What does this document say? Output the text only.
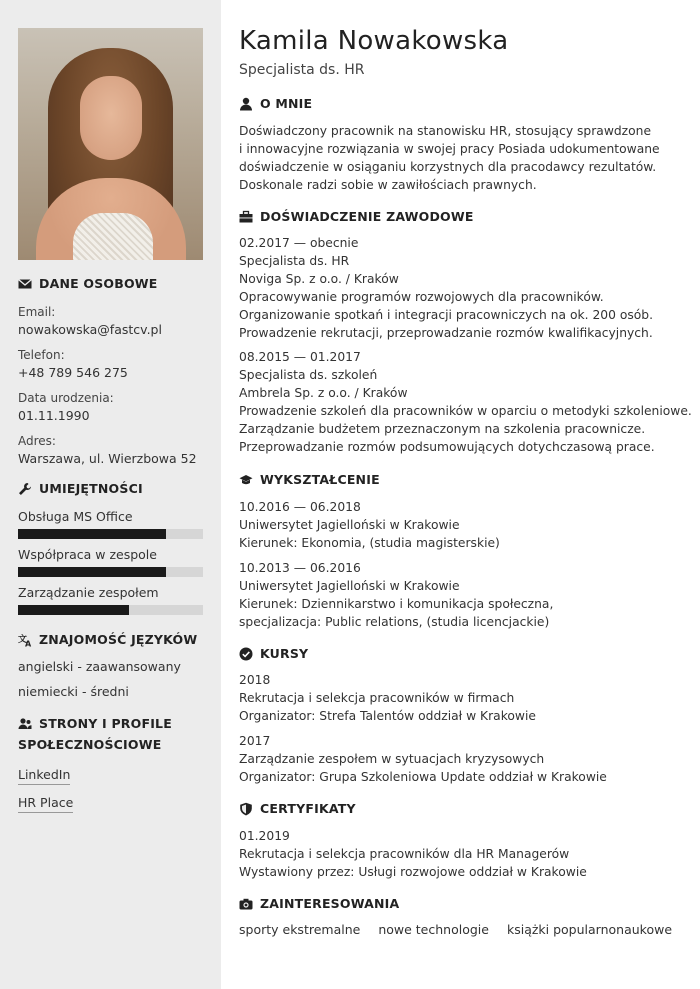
DANE OSOBOWE
Email:
nowakowska@fastcv.pl
Telefon:
+48 789 546 275
Data urodzenia:
01.11.1990
Adres:
Warszawa, ul. Wierzbowa 52
UMIEJĘTNOŚCI
Obsługa MS Office
Współpraca w zespole
Zarządzanie zespołem
文
A ZNAJOMOŚĆ JĘZYKÓW
angielski - zaawansowany
niemiecki - średni
STRONY I PROFILE
SPOŁECZNOŚCIOWE
LinkedIn
HR Place
Kamila Nowakowska
Specjalista ds. HR
O MNIE
Doświadczony pracownik na stanowisku HR, stosujący sprawdzone
i innowacyjne rozwiązania w swojej pracy Posiada udokumentowane
doświadczenie w osiąganiu korzystnych dla pracodawcy rezultatów.
Doskonale radzi sobie w zawiłościach prawnych.
DOŚWIADCZENIE ZAWODOWE
02.2017 — obecnie
Specjalista ds. HR
Noviga Sp. z o.o. / Kraków
Opracowywanie programów rozwojowych dla pracowników.
Organizowanie spotkań i integracji pracowniczych na ok. 200 osób.
Prowadzenie rekrutacji, przeprowadzanie rozmów kwalifikacyjnych.
08.2015 — 01.2017
Specjalista ds. szkoleń
Ambrela Sp. z o.o. / Kraków
Prowadzenie szkoleń dla pracowników w oparciu o metodyki szkoleniowe.
Zarządzanie budżetem przeznaczonym na szkolenia pracownicze.
Przeprowadzanie rozmów podsumowujących dotychczasową prace.
WYKSZTAŁCENIE
10.2016 — 06.2018
Uniwersytet Jagielloński w Krakowie
Kierunek: Ekonomia, (studia magisterskie)
10.2013 — 06.2016
Uniwersytet Jagielloński w Krakowie
Kierunek: Dziennikarstwo i komunikacja społeczna,
specjalizacja: Public relations, (studia licencjackie)
KURSY
2018
Rekrutacja i selekcja pracowników w firmach
Organizator: Strefa Talentów oddział w Krakowie
2017
Zarządzanie zespołem w sytuacjach kryzysowych
Organizator: Grupa Szkoleniowa Update oddział w Krakowie
CERTYFIKATY
01.2019
Rekrutacja i selekcja pracowników dla HR Managerów
Wystawiony przez: Usługi rozwojowe oddział w Krakowie
ZAINTERESOWANIA
sporty ekstremalne nowe technologie książki popularnonaukowe
